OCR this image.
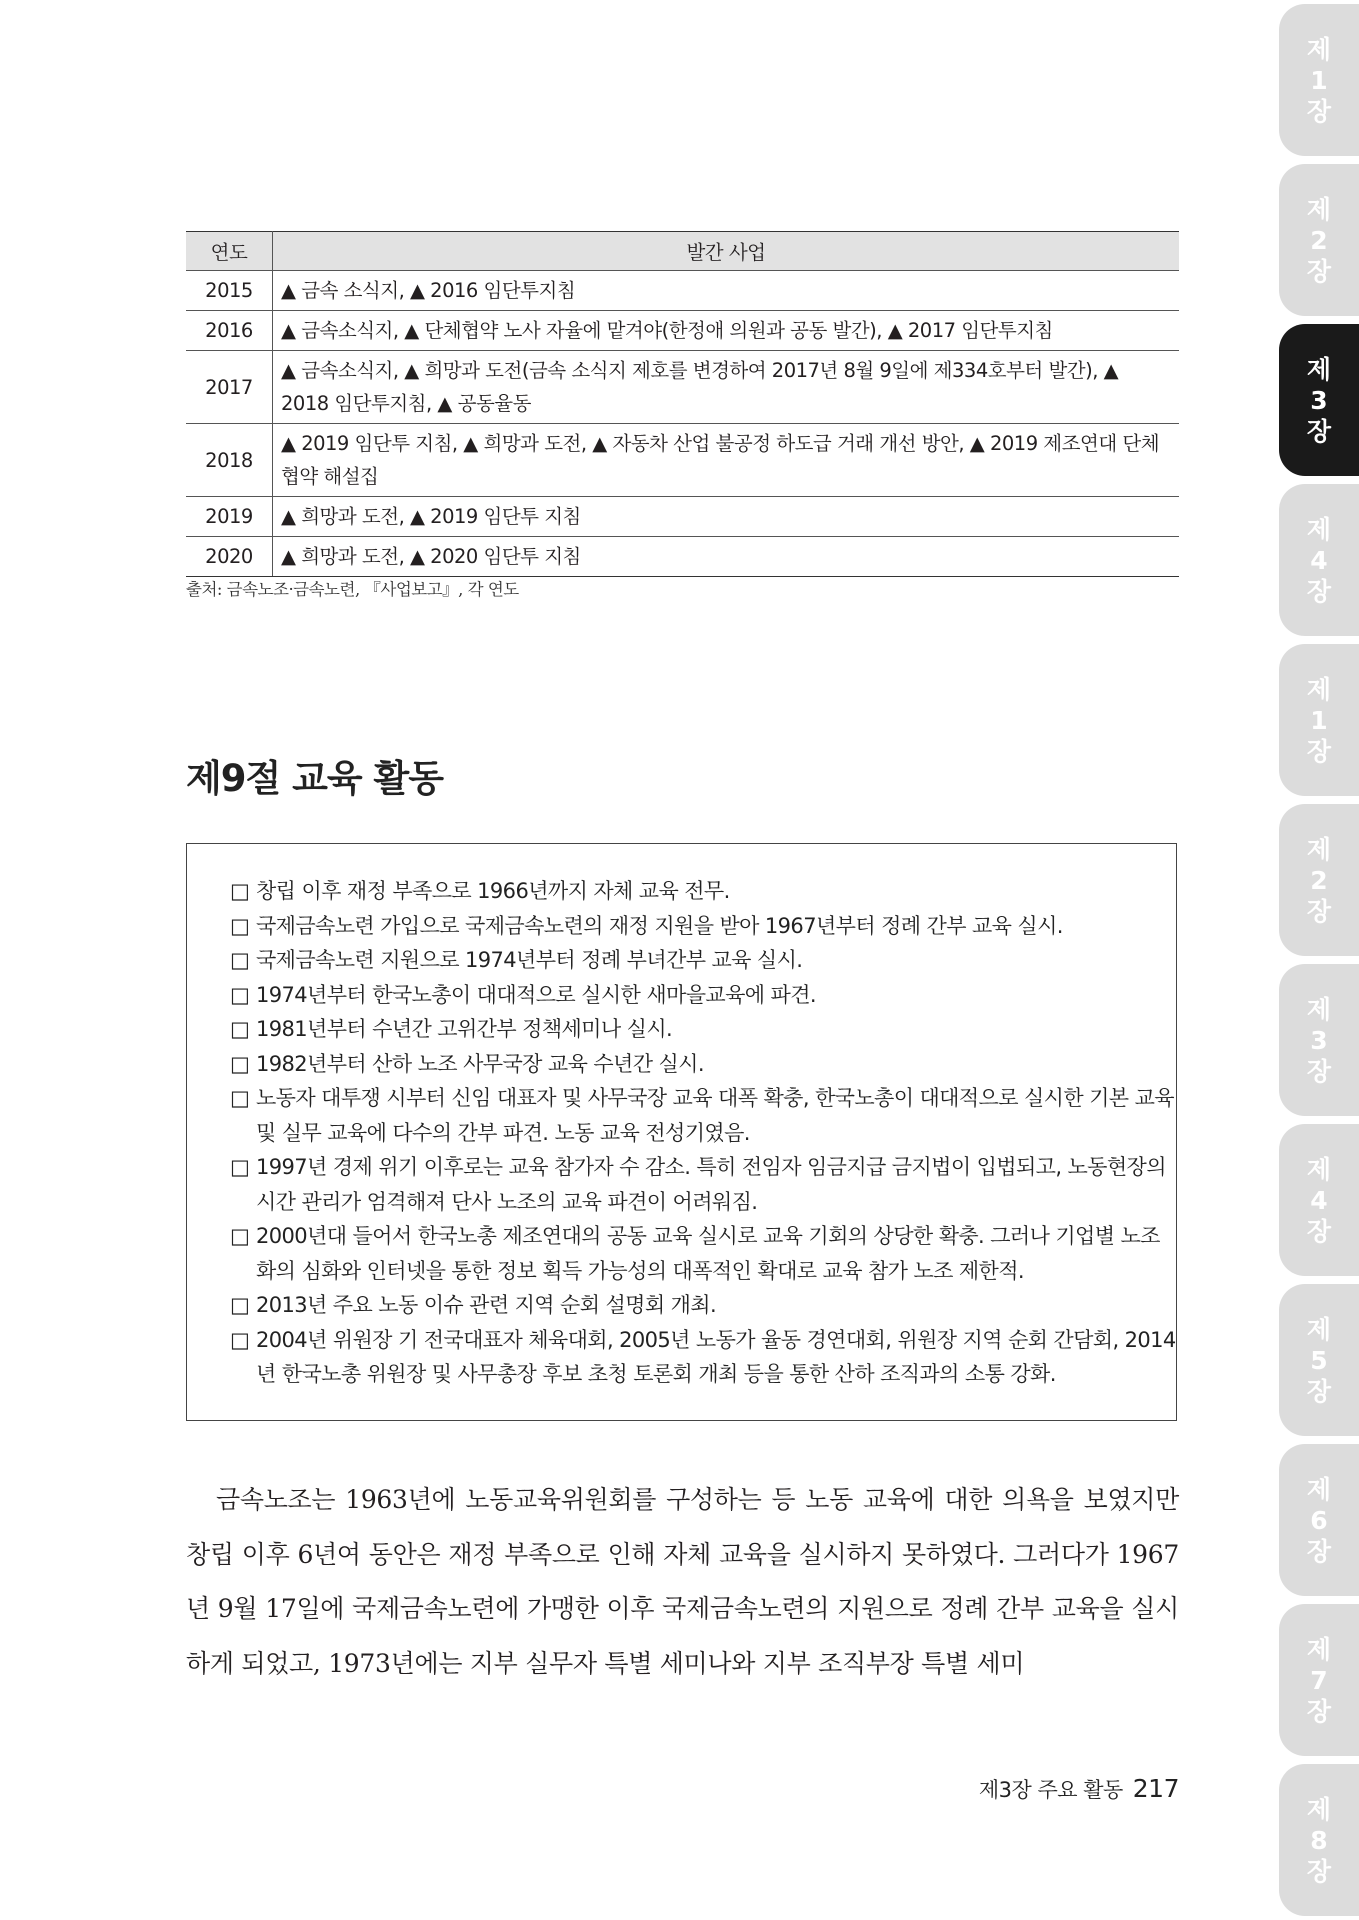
제
1
장
제
2
장
제
3
장
제
4
장
제
1
장
제
2
장
제
3
장
제
4
장
제
5
장
제
6
장
제
7
장
제
8
장
연도	발간 사업
2015	▲ 금속 소식지, ▲ 2016 임단투지침
2016	▲ 금속소식지, ▲ 단체협약 노사 자율에 맡겨야(한정애 의원과 공동 발간), ▲ 2017 임단투지침
2017	▲ 금속소식지, ▲ 희망과 도전(금속 소식지 제호를 변경하여 2017년 8월 9일에 제334호부터 발간), ▲ 2018 임단투지침, ▲ 공동율동
2018	▲ 2019 임단투 지침, ▲ 희망과 도전, ▲ 자동차 산업 불공정 하도급 거래 개선 방안, ▲ 2019 제조연대 단체협약 해설집
2019	▲ 희망과 도전, ▲ 2019 임단투 지침
2020	▲ 희망과 도전, ▲ 2020 임단투 지침
출처: 금속노조·금속노련, 『사업보고』, 각 연도
제9절 교육 활동
□ 창립 이후 재정 부족으로 1966년까지 자체 교육 전무.
□ 국제금속노련 가입으로 국제금속노련의 재정 지원을 받아 1967년부터 정례 간부 교육 실시.
□ 국제금속노련 지원으로 1974년부터 정례 부녀간부 교육 실시.
□ 1974년부터 한국노총이 대대적으로 실시한 새마을교육에 파견.
□ 1981년부터 수년간 고위간부 정책세미나 실시.
□ 1982년부터 산하 노조 사무국장 교육 수년간 실시.
□ 노동자 대투쟁 시부터 신임 대표자 및 사무국장 교육 대폭 확충, 한국노총이 대대적으로 실시한 기본 교육 및 실무 교육에 다수의 간부 파견. 노동 교육 전성기였음.
□ 1997년 경제 위기 이후로는 교육 참가자 수 감소. 특히 전임자 임금지급 금지법이 입법되고, 노동현장의 시간 관리가 엄격해져 단사 노조의 교육 파견이 어려워짐.
□ 2000년대 들어서 한국노총 제조연대의 공동 교육 실시로 교육 기회의 상당한 확충. 그러나 기업별 노조화의 심화와 인터넷을 통한 정보 획득 가능성의 대폭적인 확대로 교육 참가 노조 제한적.
□ 2013년 주요 노동 이슈 관련 지역 순회 설명회 개최.
□ 2004년 위원장 기 전국대표자 체육대회, 2005년 노동가 율동 경연대회, 위원장 지역 순회 간담회, 2014년 한국노총 위원장 및 사무총장 후보 초청 토론회 개최 등을 통한 산하 조직과의 소통 강화.

금속노조는 1963년에 노동교육위원회를 구성하는 등 노동 교육에 대한 의욕을 보였지만 창립 이후 6년여 동안은 재정 부족으로 인해 자체 교육을 실시하지 못하였다. 그러다가 1967년 9월 17일에 국제금속노련에 가맹한 이후 국제금속노련의 지원으로 정례 간부 교육을 실시하게 되었고, 1973년에는 지부 실무자 특별 세미나와 지부 조직부장 특별 세미

제3장 주요 활동 217
